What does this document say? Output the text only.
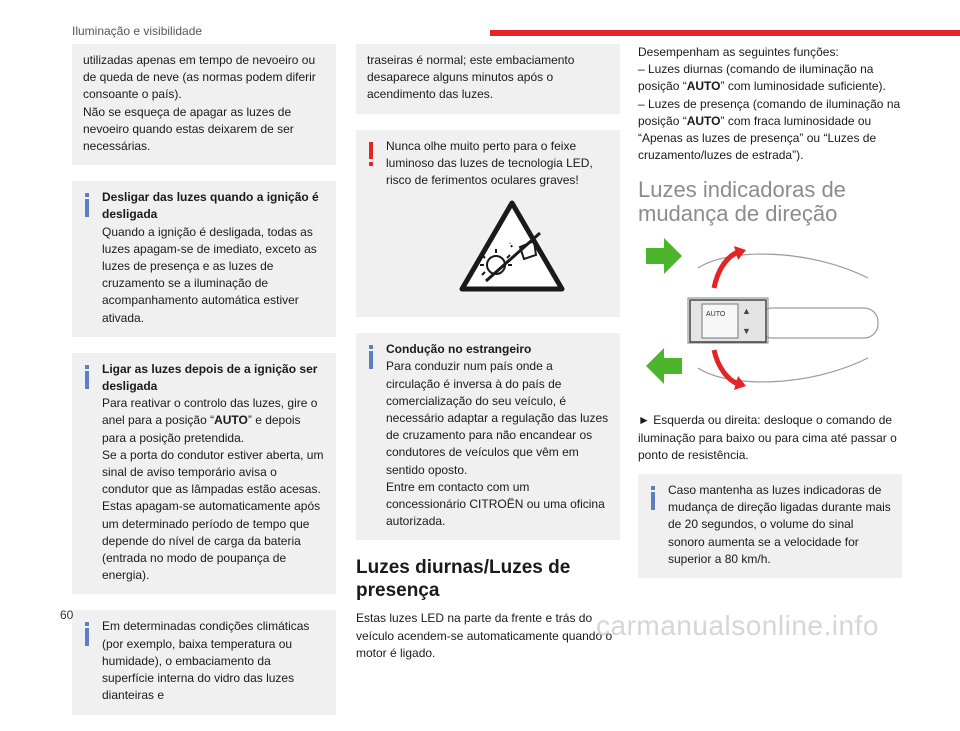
Iluminação e visibilidade
utilizadas apenas em tempo de nevoeiro ou de queda de neve (as normas podem diferir consoante o país).
Não se esqueça de apagar as luzes de nevoeiro quando estas deixarem de ser necessárias.
Desligar das luzes quando a ignição é desligada
Quando a ignição é desligada, todas as luzes apagam-se de imediato, exceto as luzes de presença e as luzes de cruzamento se a iluminação de acompanhamento automática estiver ativada.
Ligar as luzes depois de a ignição ser desligada
Para reativar o controlo das luzes, gire o anel para a posição “AUTO” e depois para a posição pretendida.
Se a porta do condutor estiver aberta, um sinal de aviso temporário avisa o condutor que as lâmpadas estão acesas.
Estas apagam-se automaticamente após um determinado período de tempo que depende do nível de carga da bateria (entrada no modo de poupança de energia).
Em determinadas condições climáticas (por exemplo, baixa temperatura ou humidade), o embaciamento da superfície interna do vidro das luzes dianteiras e
traseiras é normal; este embaciamento desaparece alguns minutos após o acendimento das luzes.
Nunca olhe muito perto para o feixe luminoso das luzes de tecnologia LED, risco de ferimentos oculares graves!
Condução no estrangeiro
Para conduzir num país onde a circulação é inversa à do país de comercialização do seu veículo, é necessário adaptar a regulação das luzes de cruzamento para não encandear os condutores de veículos que vêm em sentido oposto.
Entre em contacto com um concessionário CITROËN ou uma oficina autorizada.
Luzes diurnas/Luzes de presença
Estas luzes LED na parte da frente e trás do veículo acendem-se automaticamente quando o motor é ligado.
Desempenham as seguintes funções:
– Luzes diurnas (comando de iluminação na posição “AUTO” com luminosidade suficiente).
– Luzes de presença (comando de iluminação na posição “AUTO” com fraca luminosidade ou “Apenas as luzes de presença” ou “Luzes de cruzamento/luzes de estrada”).
Luzes indicadoras de mudança de direção
AUTO ▲
▼
► Esquerda ou direita: desloque o comando de iluminação para baixo ou para cima até passar o ponto de resistência.
Caso mantenha as luzes indicadoras de mudança de direção ligadas durante mais de 20 segundos, o volume do sinal sonoro aumenta se a velocidade for superior a 80 km/h.
60	carmanualsonline.info
